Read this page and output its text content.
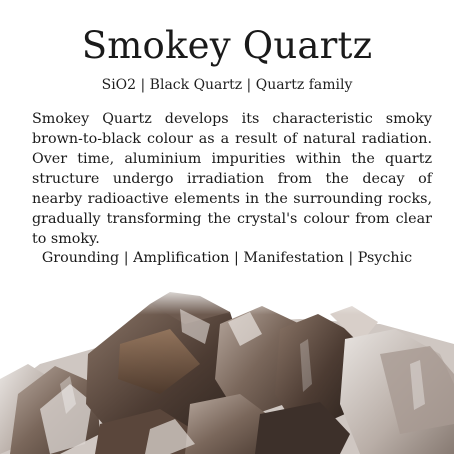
Smokey Quartz
SiO2 | Black Quartz | Quartz family

Smokey Quartz develops its characteristic smoky brown-to-black colour as a result of natural radiation. Over time, aluminium impurities within the quartz structure undergo irradiation from the decay of nearby radioactive elements in the surrounding rocks, gradually transforming the crystal's colour from clear to smoky.

Grounding | Amplification | Manifestation | Psychic
